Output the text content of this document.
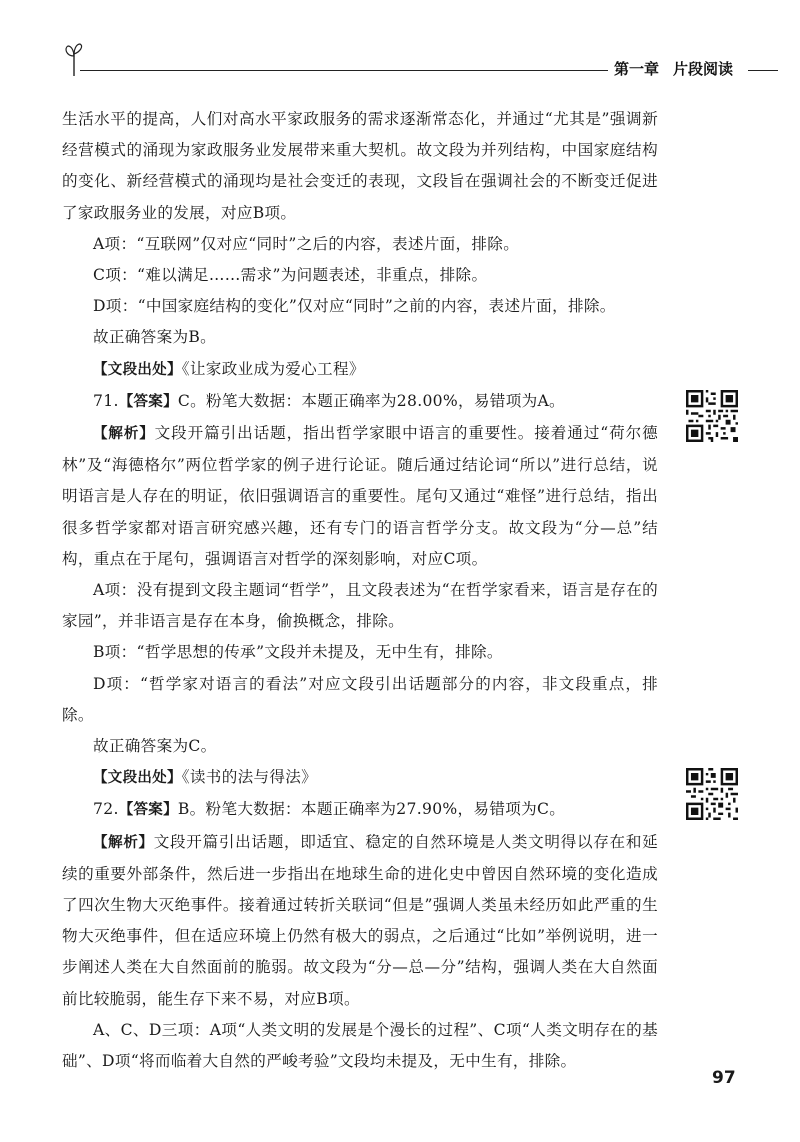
第一章 片段阅读

生活水平的提高，人们对高水平家政服务的需求逐渐常态化，并通过“尤其是”强调新经营模式的涌现为家政服务业发展带来重大契机。故文段为并列结构，中国家庭结构的变化、新经营模式的涌现均是社会变迁的表现，文段旨在强调社会的不断变迁促进了家政服务业的发展，对应B项。

A项：“互联网”仅对应“同时”之后的内容，表述片面，排除。

C项：“难以满足……需求”为问题表述，非重点，排除。

D项：“中国家庭结构的变化”仅对应“同时”之前的内容，表述片面，排除。

故正确答案为B。

【文段出处】《让家政业成为爱心工程》

71.【答案】C。粉笔大数据：本题正确率为28.00%，易错项为A。

【解析】文段开篇引出话题，指出哲学家眼中语言的重要性。接着通过“荷尔德林”及“海德格尔”两位哲学家的例子进行论证。随后通过结论词“所以”进行总结，说明语言是人存在的明证，依旧强调语言的重要性。尾句又通过“难怪”进行总结，指出很多哲学家都对语言研究感兴趣，还有专门的语言哲学分支。故文段为“分—总”结构，重点在于尾句，强调语言对哲学的深刻影响，对应C项。

A项：没有提到文段主题词“哲学”，且文段表述为“在哲学家看来，语言是存在的家园”，并非语言是存在本身，偷换概念，排除。

B项：“哲学思想的传承”文段并未提及，无中生有，排除。

D项：“哲学家对语言的看法”对应文段引出话题部分的内容，非文段重点，排除。

故正确答案为C。

【文段出处】《读书的法与得法》

72.【答案】B。粉笔大数据：本题正确率为27.90%，易错项为C。

【解析】文段开篇引出话题，即适宜、稳定的自然环境是人类文明得以存在和延续的重要外部条件，然后进一步指出在地球生命的进化史中曾因自然环境的变化造成了四次生物大灭绝事件。接着通过转折关联词“但是”强调人类虽未经历如此严重的生物大灭绝事件，但在适应环境上仍然有极大的弱点，之后通过“比如”举例说明，进一步阐述人类在大自然面前的脆弱。故文段为“分—总—分”结构，强调人类在大自然面前比较脆弱，能生存下来不易，对应B项。

A、C、D三项：A项“人类文明的发展是个漫长的过程”、C项“人类文明存在的基础”、D项“将而临着大自然的严峻考验”文段均未提及，无中生有，排除。

97
